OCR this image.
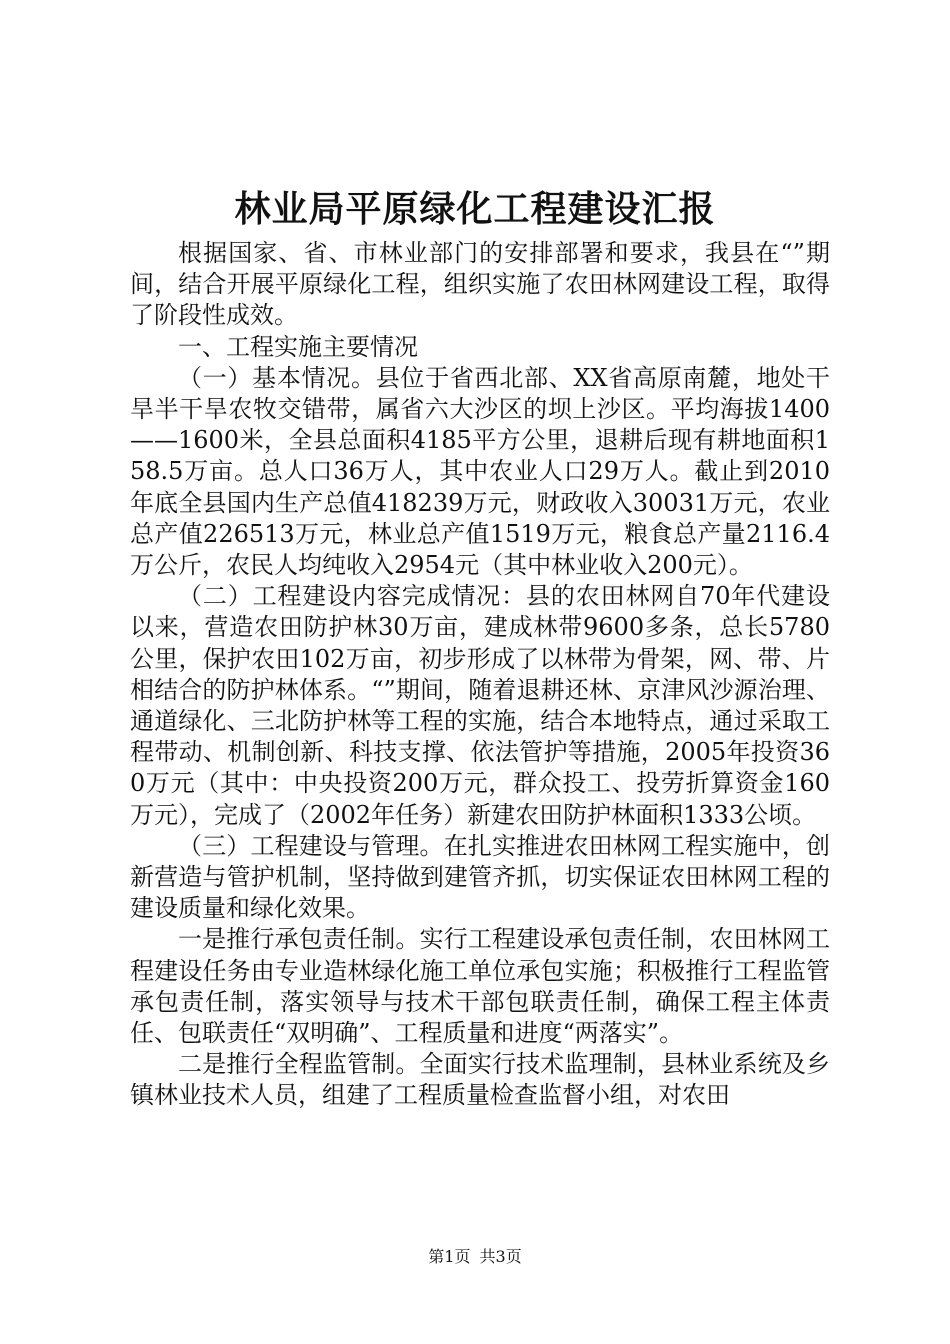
林业局平原绿化工程建设汇报

根据国家、省、市林业部门的安排部署和要求，我县在“”期间，结合开展平原绿化工程，组织实施了农田林网建设工程，取得了阶段性成效。

一、工程实施主要情况

（一）基本情况。县位于省西北部、XX省高原南麓，地处干旱半干旱农牧交错带，属省六大沙区的坝上沙区。平均海拔1400——1600米，全县总面积4185平方公里，退耕后现有耕地面积158.5万亩。总人口36万人，其中农业人口29万人。截止到2010年底全县国内生产总值418239万元，财政收入30031万元，农业总产值226513万元，林业总产值1519万元，粮食总产量2116.4万公斤，农民人均纯收入2954元（其中林业收入200元）。

（二）工程建设内容完成情况：县的农田林网自70年代建设以来，营造农田防护林30万亩，建成林带9600多条，总长5780公里，保护农田102万亩，初步形成了以林带为骨架，网、带、片相结合的防护林体系。“”期间，随着退耕还林、京津风沙源治理、通道绿化、三北防护林等工程的实施，结合本地特点，通过采取工程带动、机制创新、科技支撑、依法管护等措施，2005年投资360万元（其中：中央投资200万元，群众投工、投劳折算资金160万元），完成了（2002年任务）新建农田防护林面积1333公顷。

（三）工程建设与管理。在扎实推进农田林网工程实施中，创新营造与管护机制，坚持做到建管齐抓，切实保证农田林网工程的建设质量和绿化效果。

一是推行承包责任制。实行工程建设承包责任制，农田林网工程建设任务由专业造林绿化施工单位承包实施；积极推行工程监管承包责任制，落实领导与技术干部包联责任制，确保工程主体责任、包联责任“双明确”、工程质量和进度“两落实”。

二是推行全程监管制。全面实行技术监理制，县林业系统及乡镇林业技术人员，组建了工程质量检查监督小组，对农田

第1页 共3页
